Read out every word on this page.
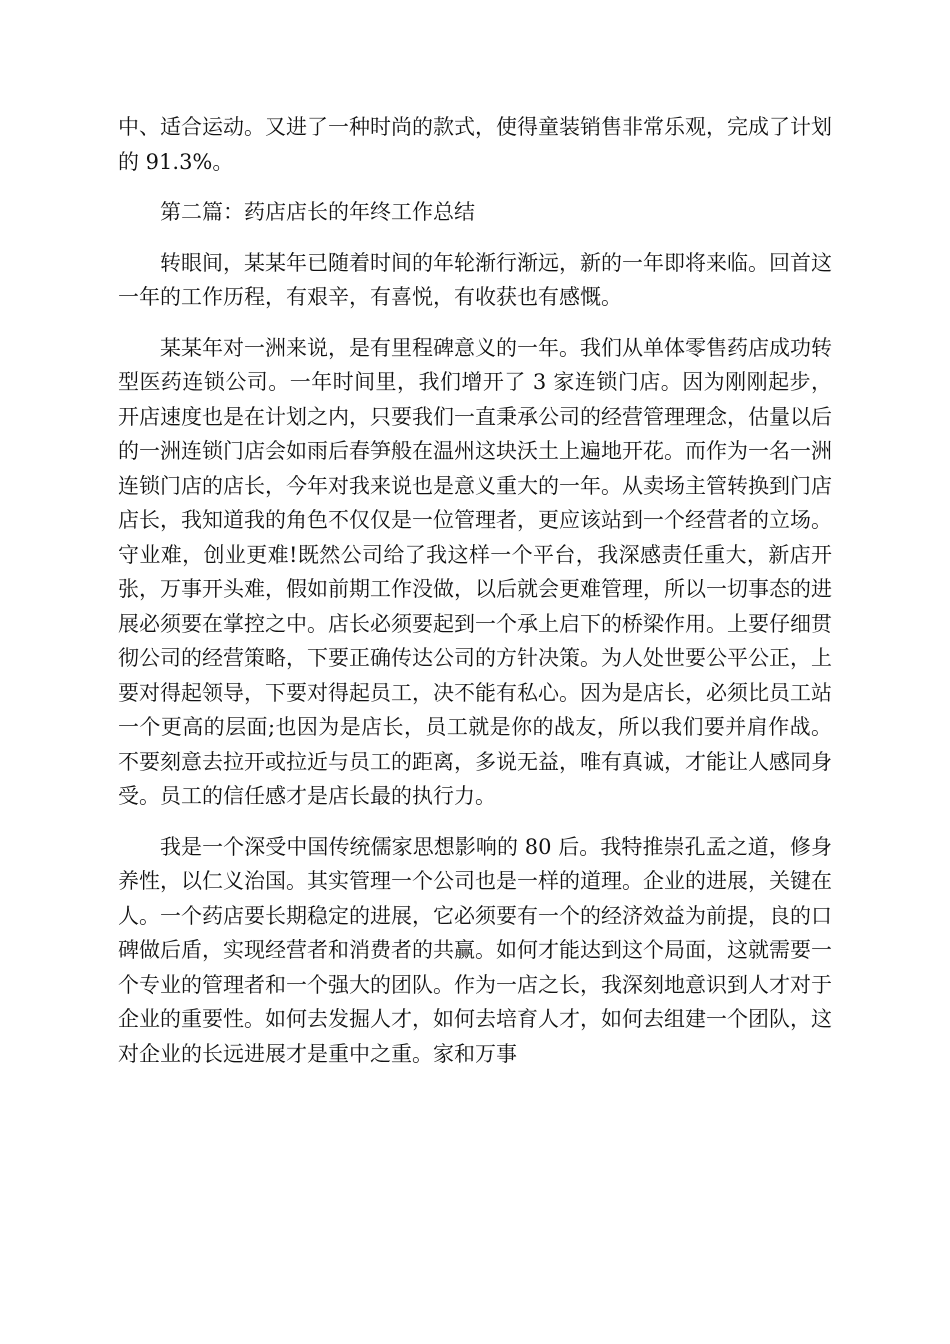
中、适合运动。又进了一种时尚的款式，使得童装销售非常乐观，完成了计划的 91.3%。

第二篇：药店店长的年终工作总结

转眼间，某某年已随着时间的年轮渐行渐远，新的一年即将来临。回首这一年的工作历程，有艰辛，有喜悦，有收获也有感慨。

某某年对一洲来说，是有里程碑意义的一年。我们从单体零售药店成功转型医药连锁公司。一年时间里，我们增开了 3 家连锁门店。因为刚刚起步，开店速度也是在计划之内，只要我们一直秉承公司的经营管理理念，估量以后的一洲连锁门店会如雨后春笋般在温州这块沃土上遍地开花。而作为一名一洲连锁门店的店长，今年对我来说也是意义重大的一年。从卖场主管转换到门店店长，我知道我的角色不仅仅是一位管理者，更应该站到一个经营者的立场。守业难，创业更难!既然公司给了我这样一个平台，我深感责任重大，新店开张，万事开头难，假如前期工作没做，以后就会更难管理，所以一切事态的进展必须要在掌控之中。店长必须要起到一个承上启下的桥梁作用。上要仔细贯彻公司的经营策略，下要正确传达公司的方针决策。为人处世要公平公正，上要对得起领导，下要对得起员工，决不能有私心。因为是店长，必须比员工站一个更高的层面;也因为是店长，员工就是你的战友，所以我们要并肩作战。不要刻意去拉开或拉近与员工的距离，多说无益，唯有真诚，才能让人感同身受。员工的信任感才是店长最的执行力。

我是一个深受中国传统儒家思想影响的 80 后。我特推崇孔孟之道，修身养性，以仁义治国。其实管理一个公司也是一样的道理。企业的进展，关键在人。一个药店要长期稳定的进展，它必须要有一个的经济效益为前提，良的口碑做后盾，实现经营者和消费者的共赢。如何才能达到这个局面，这就需要一个专业的管理者和一个强大的团队。作为一店之长，我深刻地意识到人才对于企业的重要性。如何去发掘人才，如何去培育人才，如何去组建一个团队，这对企业的长远进展才是重中之重。家和万事
